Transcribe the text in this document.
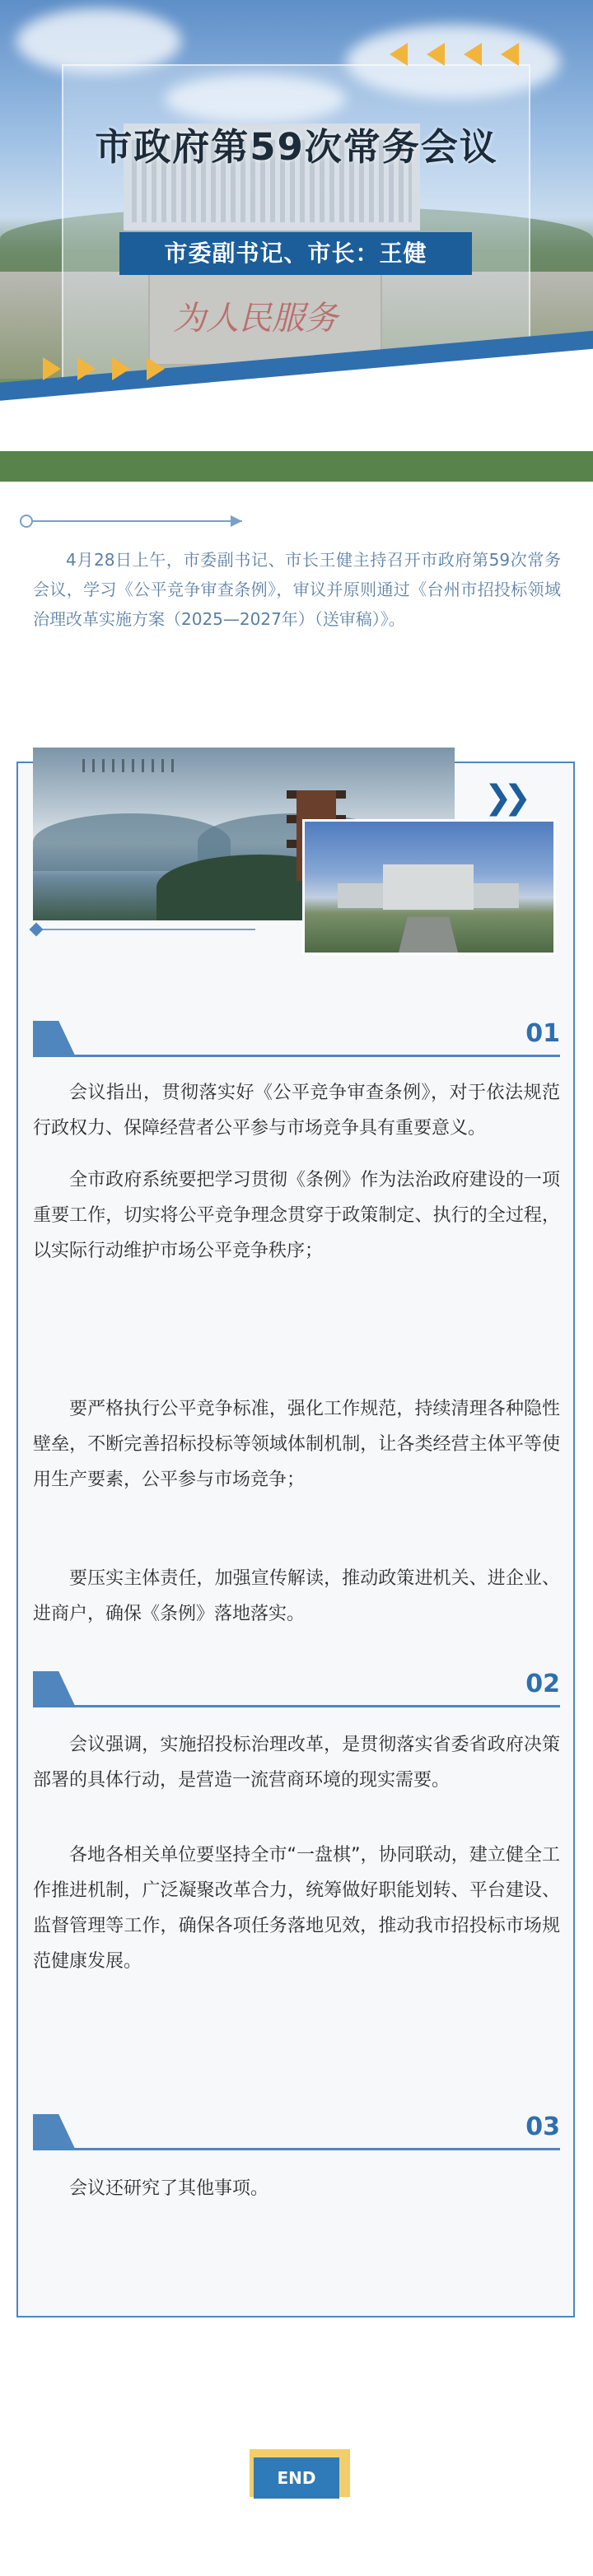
为人民服务
市政府第59次常务会议
市委副书记、市长：王健
4月28日上午，市委副书记、市长王健主持召开市政府第59次常务会议，学习《公平竞争审查条例》，审议并原则通过《台州市招投标领域治理改革实施方案（2025—2027年）（送审稿）》。
❯❯
01
会议指出，贯彻落实好《公平竞争审查条例》，对于依法规范行政权力、保障经营者公平参与市场竞争具有重要意义。
全市政府系统要把学习贯彻《条例》作为法治政府建设的一项重要工作，切实将公平竞争理念贯穿于政策制定、执行的全过程，以实际行动维护市场公平竞争秩序；
要严格执行公平竞争标准，强化工作规范，持续清理各种隐性壁垒，不断完善招标投标等领域体制机制，让各类经营主体平等使用生产要素，公平参与市场竞争；
要压实主体责任，加强宣传解读，推动政策进机关、进企业、进商户，确保《条例》落地落实。
02
会议强调，实施招投标治理改革，是贯彻落实省委省政府决策部署的具体行动，是营造一流营商环境的现实需要。
各地各相关单位要坚持全市“一盘棋”，协同联动，建立健全工作推进机制，广泛凝聚改革合力，统筹做好职能划转、平台建设、监督管理等工作，确保各项任务落地见效，推动我市招投标市场规范健康发展。
03
会议还研究了其他事项。
END
